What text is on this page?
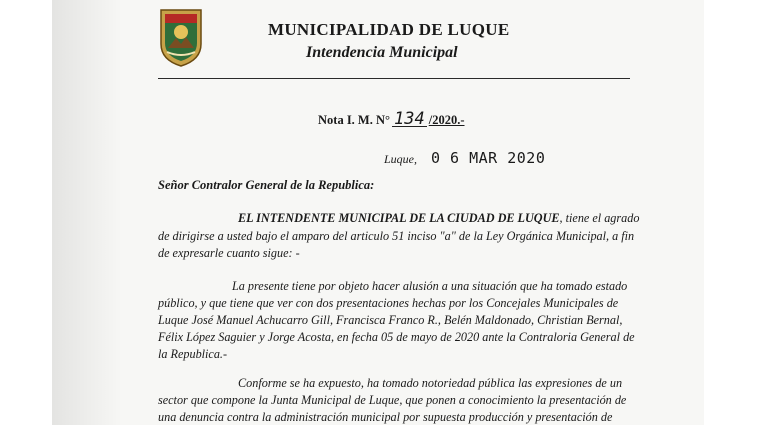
MUNICIPALIDAD DE LUQUE
Intendencia Municipal
Nota I. M. N° 134 /2020.-
Luque, 0 6 MAR 2020
Señor Contralor General de la Republica:
EL INTENDENTE MUNICIPAL DE LA CIUDAD DE LUQUE, tiene el agrado
de dirigirse a usted bajo el amparo del articulo 51 inciso "a" de la Ley Orgánica Municipal, a fin
de expresarle cuanto sigue: -
La presente tiene por objeto hacer alusión a una situación que ha tomado estado
público, y que tiene que ver con dos presentaciones hechas por los Concejales Municipales de
Luque José Manuel Achucarro Gill, Francisca Franco R., Belén Maldonado, Christian Bernal,
Félix López Saguier y Jorge Acosta, en fecha 05 de mayo de 2020 ante la Contraloria General de
la Republica.-
Conforme se ha expuesto, ha tomado notoriedad pública las expresiones de un
sector que compone la Junta Municipal de Luque, que ponen a conocimiento la presentación de
una denuncia contra la administración municipal por supuesta producción y presentación de
